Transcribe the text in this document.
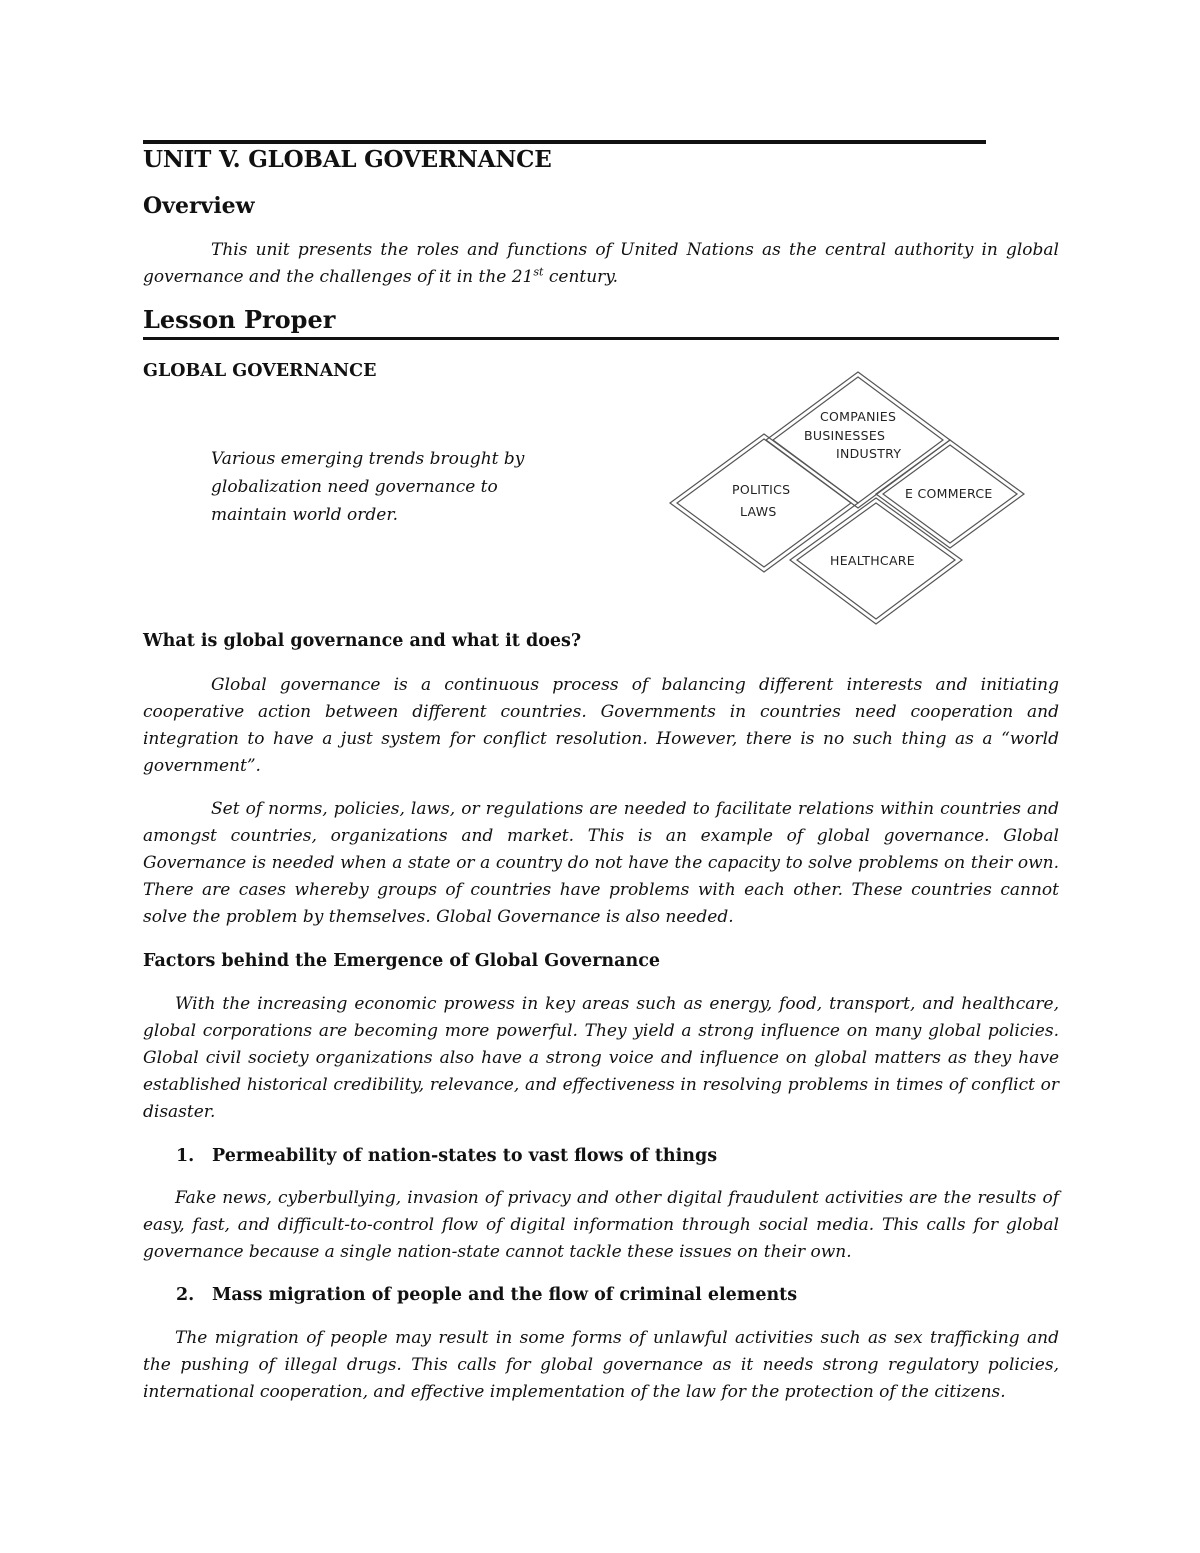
UNIT V. GLOBAL GOVERNANCE
Overview

This unit presents the roles and functions of United Nations as the central authority in global governance and the challenges of it in the 21st century.

Lesson Proper
GLOBAL GOVERNANCE

Various emerging trends brought by globalization need governance to maintain world order.

COMPANIES
BUSINESSES
INDUSTRY
POLITICS
LAWS
E COMMERCE
HEALTHCARE
What is global governance and what it does?

Global governance is a continuous process of balancing different interests and initiating cooperative action between different countries. Governments in countries need cooperation and integration to have a just system for conflict resolution. However, there is no such thing as a “world government”.

Set of norms, policies, laws, or regulations are needed to facilitate relations within countries and amongst countries, organizations and market. This is an example of global governance. Global Governance is needed when a state or a country do not have the capacity to solve problems on their own. There are cases whereby groups of countries have problems with each other. These countries cannot solve the problem by themselves. Global Governance is also needed.

Factors behind the Emergence of Global Governance

With the increasing economic prowess in key areas such as energy, food, transport, and healthcare, global corporations are becoming more powerful. They yield a strong influence on many global policies. Global civil society organizations also have a strong voice and influence on global matters as they have established historical credibility, relevance, and effectiveness in resolving problems in times of conflict or disaster.

1. Permeability of nation-states to vast flows of things

Fake news, cyberbullying, invasion of privacy and other digital fraudulent activities are the results of easy, fast, and difficult-to-control flow of digital information through social media. This calls for global governance because a single nation-state cannot tackle these issues on their own.

2. Mass migration of people and the flow of criminal elements

The migration of people may result in some forms of unlawful activities such as sex trafficking and the pushing of illegal drugs. This calls for global governance as it needs strong regulatory policies, international cooperation, and effective implementation of the law for the protection of the citizens.
